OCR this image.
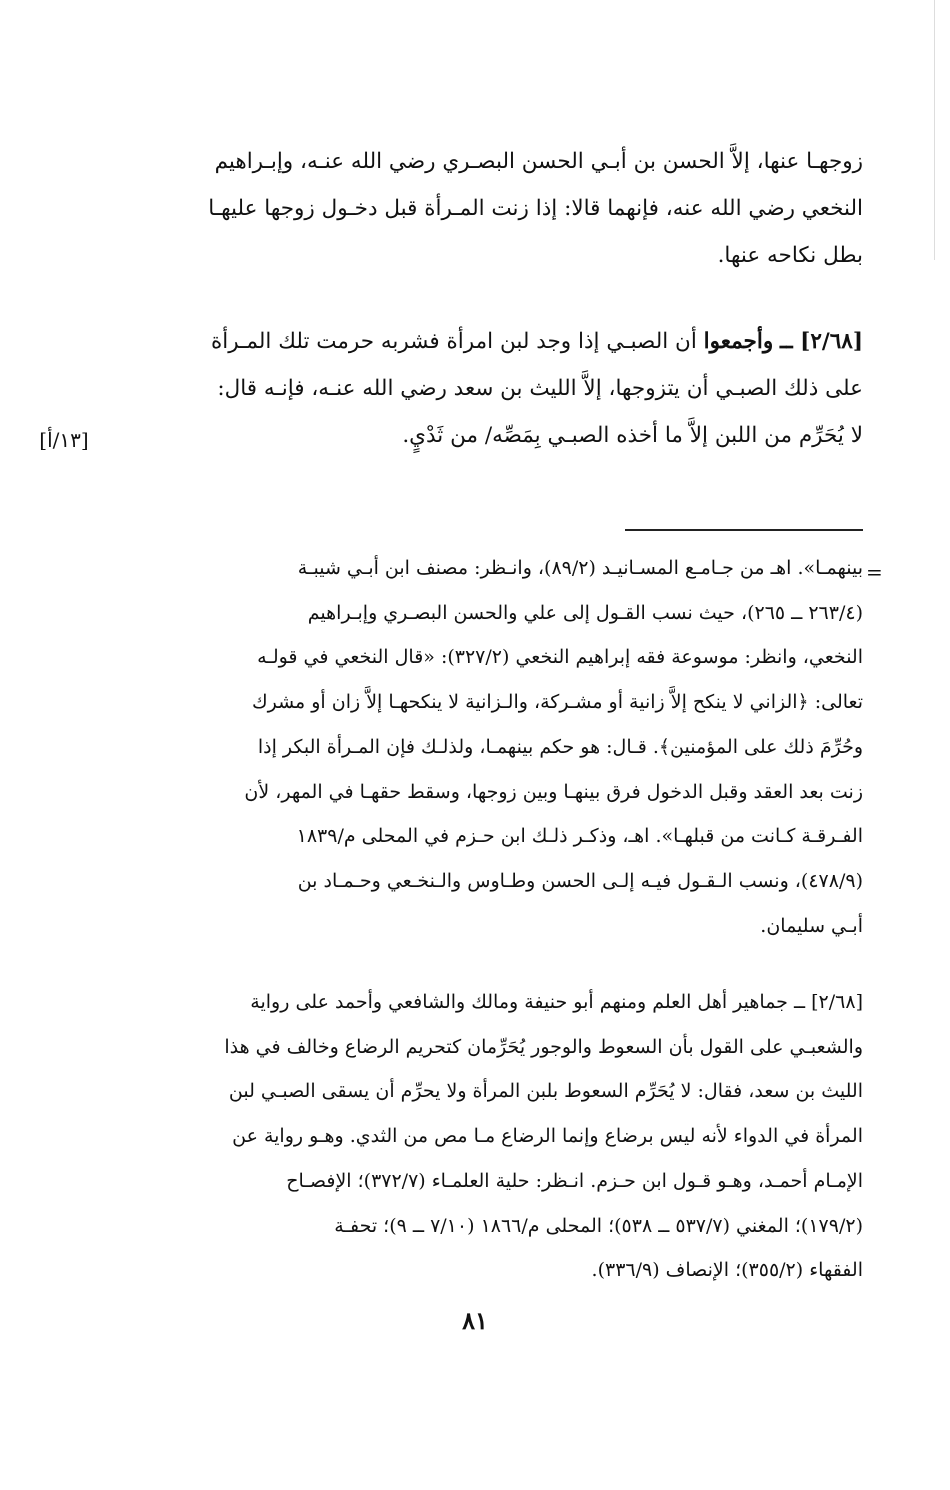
زوجهـا عنها، إلاَّ الحسن بن أبـي الحسن البصـري رضي الله عنـه، وإبـراهيم
النخعي رضي الله عنه، فإنهما قالا: إذا زنت المـرأة قبل دخـول زوجها عليهـا
بطل نكاحه عنها.

[٢/٦٨] ــ وأجمعوا أن الصبـي إذا وجد لبن امرأة فشربه حرمت تلك المـرأة
على ذلك الصبـي أن يتزوجها، إلاَّ الليث بن سعد رضي الله عنـه، فإنـه قال:
لا يُحَرِّم من اللبن إلاَّ ما أخذه الصبـي بِمَصِّه/ من ثَدْيٍ.

بينهمـا». اهـ من جـامـع المسـانيـد (٨٩/٢)، وانـظر: مصنف ابن أبـي شيبـة
(٢٦٣/٤ ــ ٢٦٥)، حيث نسب القـول إلى علي والحسن البصـري وإبـراهيم
النخعي، وانظر: موسوعة فقه إبراهيم النخعي (٣٢٧/٢): «قال النخعي في قولـه
تعالى: ﴿الزاني لا ينكح إلاَّ زانية أو مشـركة، والـزانية لا ينكحهـا إلاَّ زان أو مشرك
وحُرِّمَ ذلك على المؤمنين﴾. قـال: هو حكم بينهمـا، ولذلـك فإن المـرأة البكر إذا
زنت بعد العقد وقبل الدخول فرق بينهـا وبين زوجها، وسقط حقهـا في المهر، لأن
الفـرقـة كـانت من قبلهـا». اهـ، وذكـر ذلـك ابن حـزم في المحلى م/١٨٣٩
(٤٧٨/٩)، ونسب الـقـول فيـه إلـى الحسن وطـاوس والـنخـعي وحـمـاد بن
أبـي سليمان.

[٢/٦٨] ــ جماهير أهل العلم ومنهم أبو حنيفة ومالك والشافعي وأحمد على رواية
والشعبـي على القول بأن السعوط والوجور يُحَرِّمان كتحريم الرضاع وخالف في هذا
الليث بن سعد، فقال: لا يُحَرِّم السعوط بلبن المرأة ولا يحرِّم أن يسقى الصبـي لبن
المرأة في الدواء لأنه ليس برضاع وإنما الرضاع مـا مص من الثدي. وهـو رواية عن
الإمـام أحمـد، وهـو قـول ابن حـزم. انـظر: حلية العلمـاء (٣٧٢/٧)؛ الإفصـاح
(١٧٩/٢)؛ المغني (٥٣٧/٧ ــ ٥٣٨)؛ المحلى م/١٨٦٦ (٧/١٠ ــ ٩)؛ تحفـة
الفقهاء (٣٥٥/٢)؛ الإنصاف (٣٣٦/٩).

[١٣/أ]
=
٨١
